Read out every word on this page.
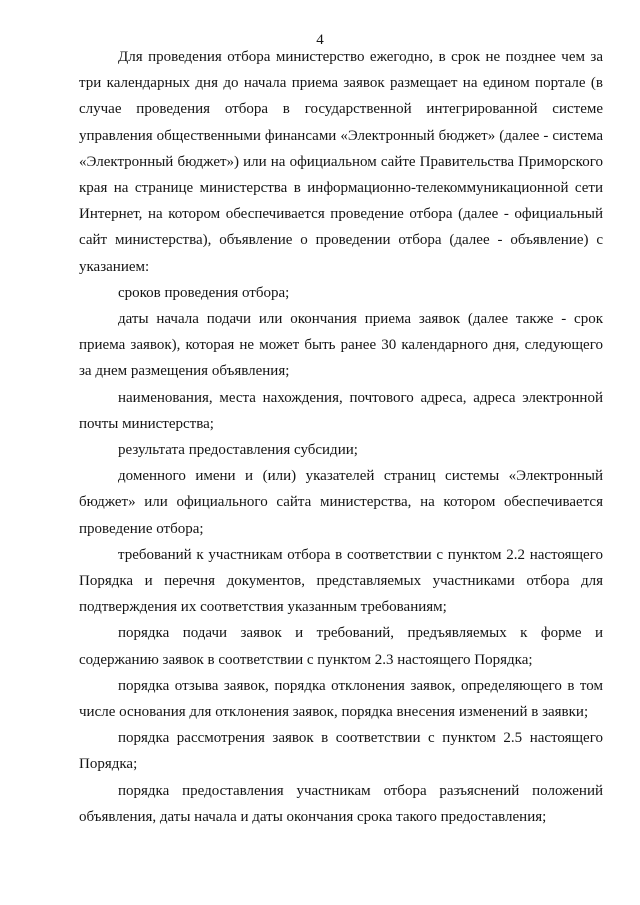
4

Для проведения отбора министерство ежегодно, в срок не позднее чем за три календарных дня до начала приема заявок размещает на едином портале (в случае проведения отбора в государственной интегрированной системе управления общественными финансами «Электронный бюджет» (далее - система «Электронный бюджет») или на официальном сайте Правительства Приморского края на странице министерства в информационно-телекоммуникационной сети Интернет, на котором обеспечивается проведение отбора (далее - официальный сайт министерства), объявление о проведении отбора (далее - объявление) с указанием:

сроков проведения отбора;

даты начала подачи или окончания приема заявок (далее также - срок приема заявок), которая не может быть ранее 30 календарного дня, следующего за днем размещения объявления;

наименования, места нахождения, почтового адреса, адреса электронной почты министерства;

результата предоставления субсидии;

доменного имени и (или) указателей страниц системы «Электронный бюджет» или официального сайта министерства, на котором обеспечивается проведение отбора;

требований к участникам отбора в соответствии с пунктом 2.2 настоящего Порядка и перечня документов, представляемых участниками отбора для подтверждения их соответствия указанным требованиям;

порядка подачи заявок и требований, предъявляемых к форме и содержанию заявок в соответствии с пунктом 2.3 настоящего Порядка;

порядка отзыва заявок, порядка отклонения заявок, определяющего в том числе основания для отклонения заявок, порядка внесения изменений в заявки;

порядка рассмотрения заявок в соответствии с пунктом 2.5 настоящего Порядка;

порядка предоставления участникам отбора разъяснений положений объявления, даты начала и даты окончания срока такого предоставления;
